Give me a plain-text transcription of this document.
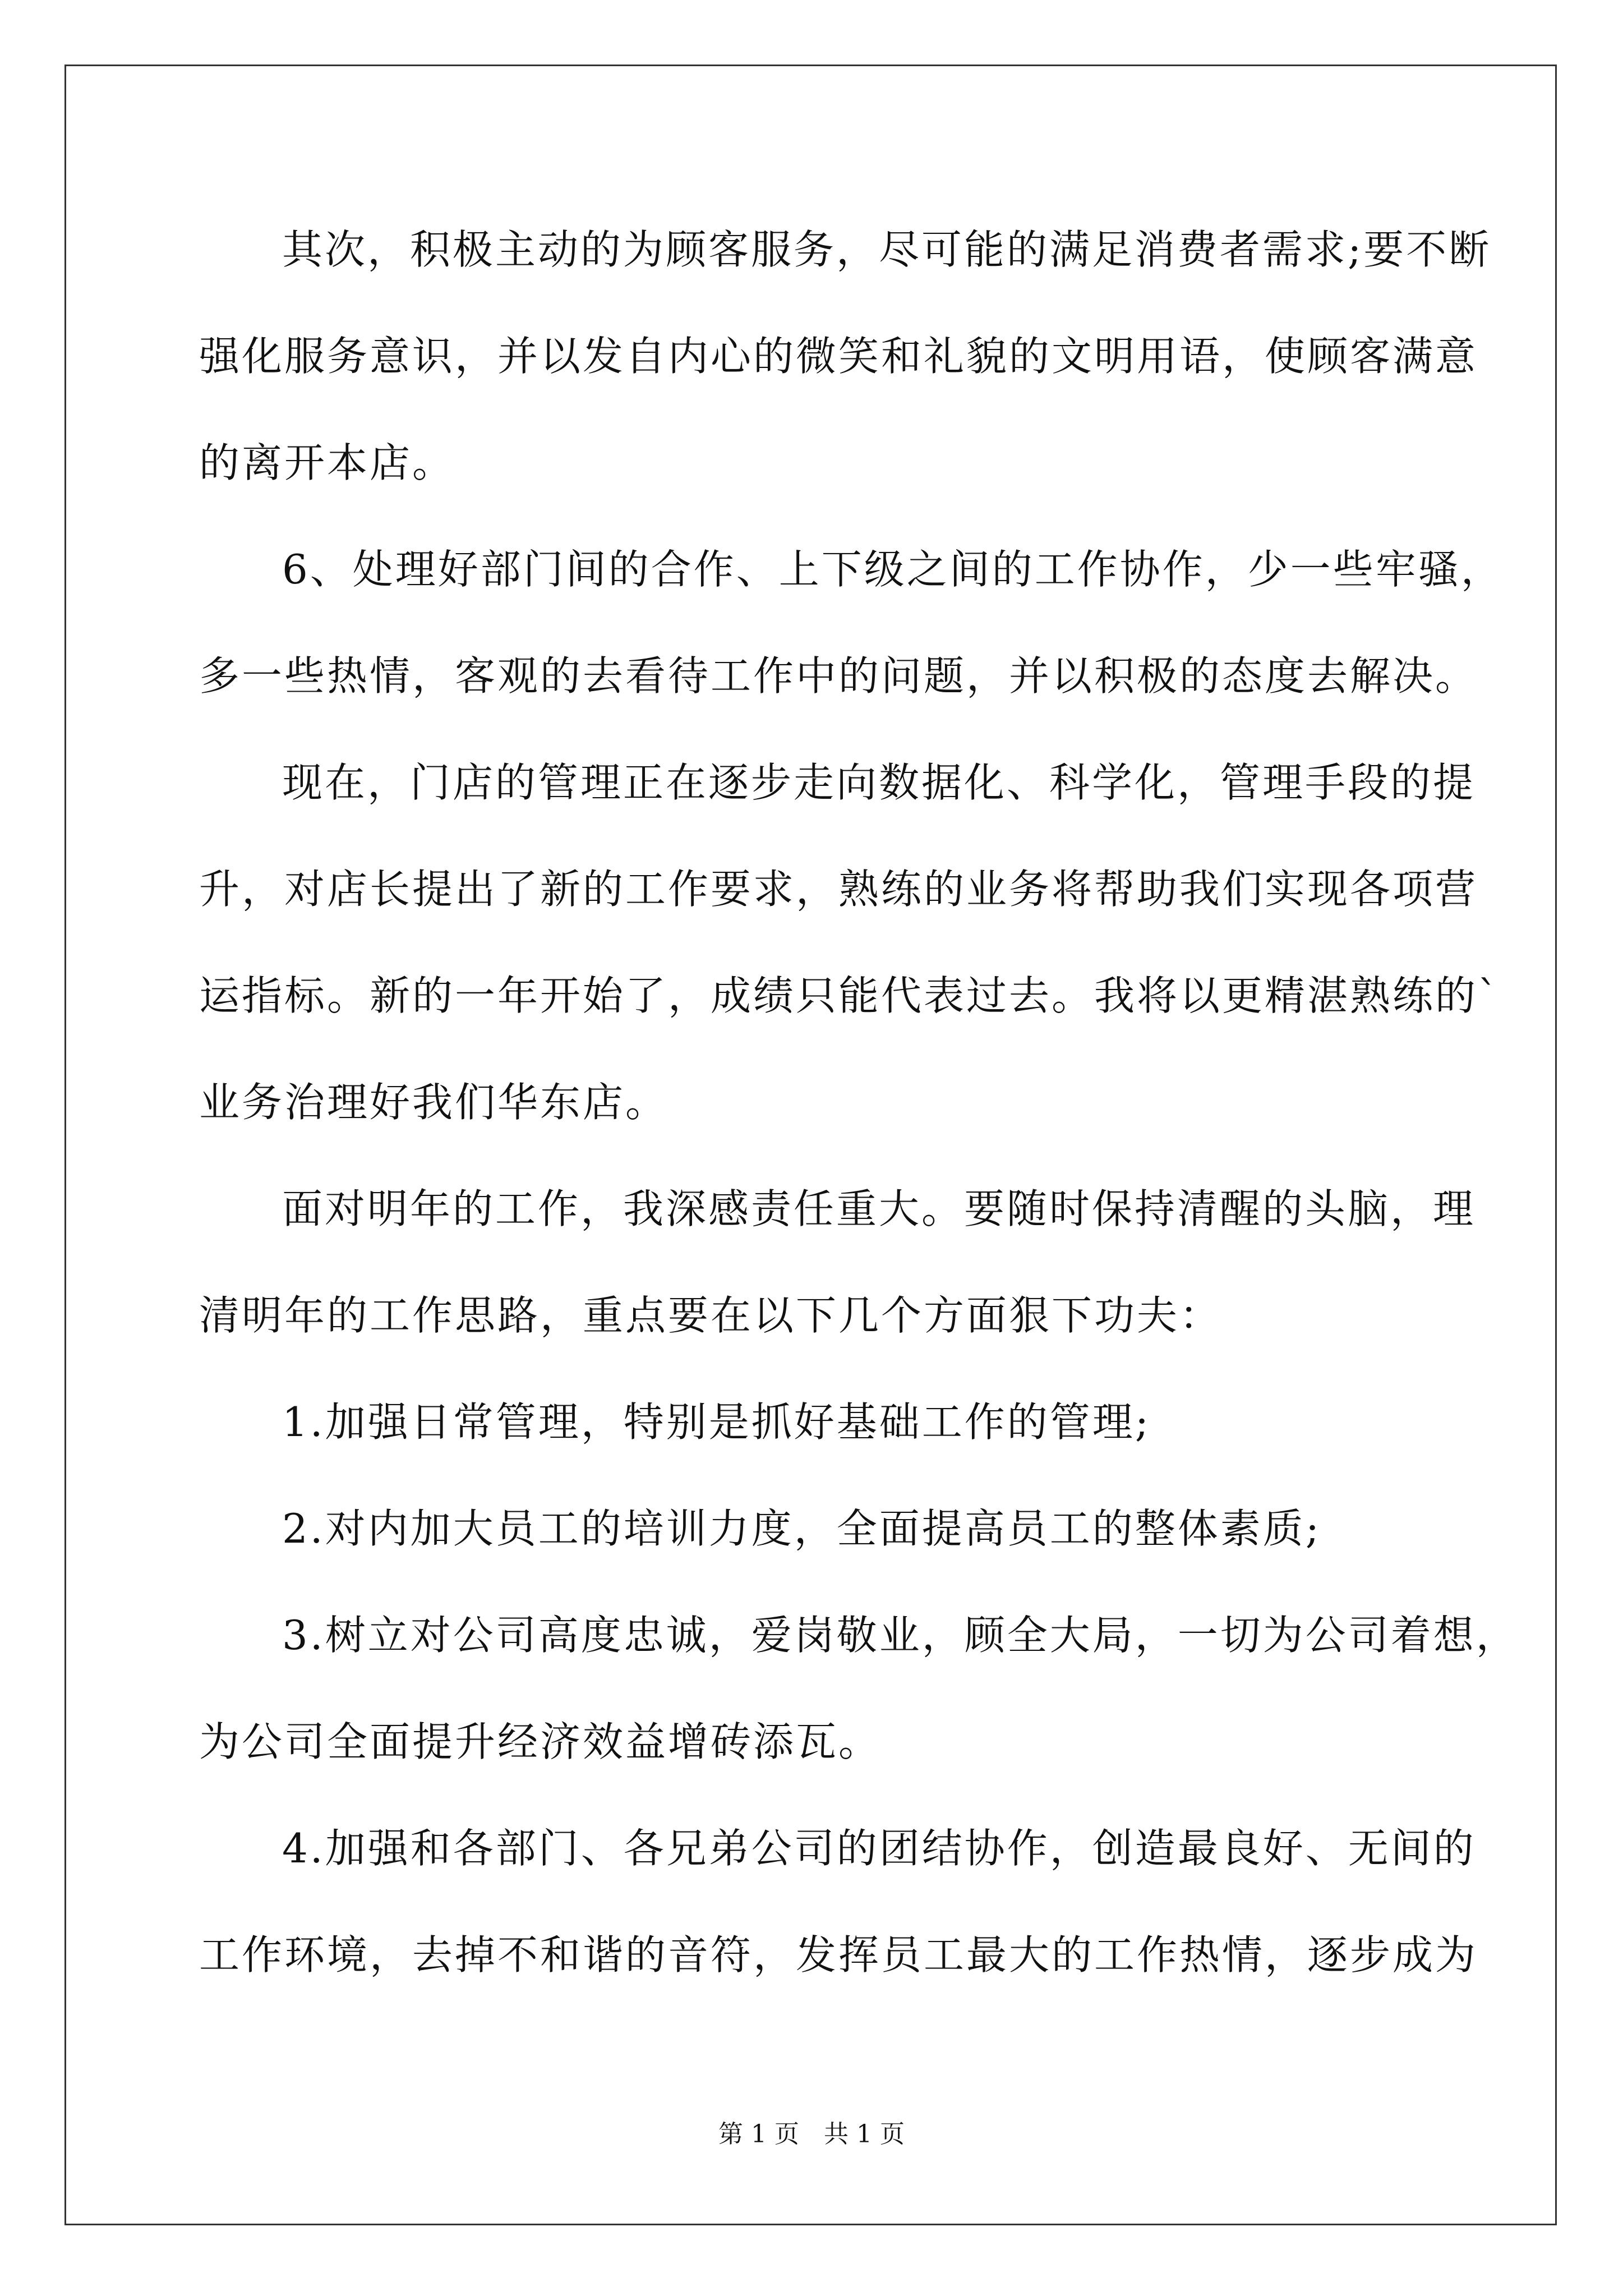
其次，积极主动的为顾客服务，尽可能的满足消费者需求;要不断
强化服务意识，并以发自内心的微笑和礼貌的文明用语，使顾客满意
的离开本店。
6、处理好部门间的合作、上下级之间的工作协作，少一些牢骚，
多一些热情，客观的去看待工作中的问题，并以积极的态度去解决。
现在，门店的管理正在逐步走向数据化、科学化，管理手段的提
升，对店长提出了新的工作要求，熟练的业务将帮助我们实现各项营
运指标。新的一年开始了，成绩只能代表过去。我将以更精湛熟练的`
业务治理好我们华东店。
面对明年的工作，我深感责任重大。要随时保持清醒的头脑，理
清明年的工作思路，重点要在以下几个方面狠下功夫：
1.加强日常管理，特别是抓好基础工作的管理;
2.对内加大员工的培训力度，全面提高员工的整体素质;
3.树立对公司高度忠诚，爱岗敬业，顾全大局，一切为公司着想，
为公司全面提升经济效益增砖添瓦。
4.加强和各部门、各兄弟公司的团结协作，创造最良好、无间的
工作环境，去掉不和谐的音符，发挥员工最大的工作热情，逐步成为
第 1 页　共 1 页
